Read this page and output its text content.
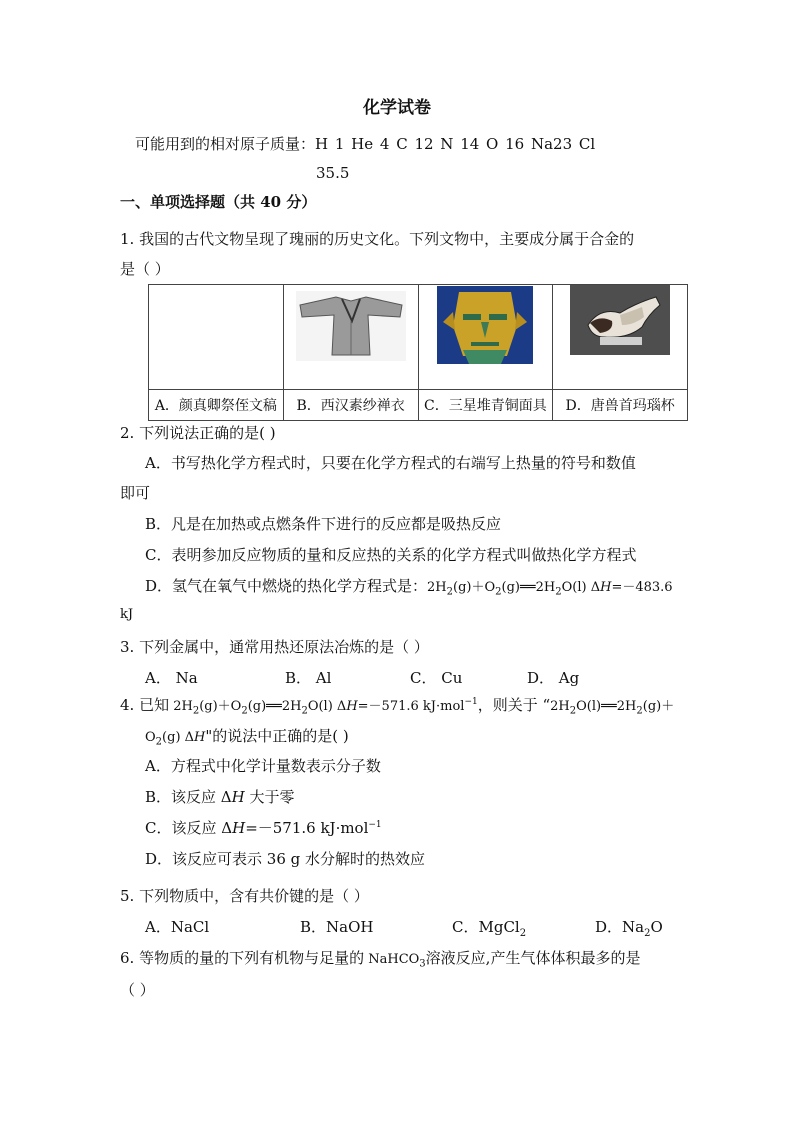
化学试卷
可能用到的相对原子质量：H 1 He 4 C 12 N 14 O 16 Na23 Cl
35.5
一、单项选择题（共 40 分）
1. 我国的古代文物呈现了瑰丽的历史文化。下列文物中，主要成分属于合金的
是（ ）

A．颜真卿祭侄文稿	B．西汉素纱禅衣	C．三星堆青铜面具	D．唐兽首玛瑙杯
2. 下列说法正确的是( )
A．书写热化学方程式时，只要在化学方程式的右端写上热量的符号和数值
即可
B．凡是在加热或点燃条件下进行的反应都是吸热反应
C．表明参加反应物质的量和反应热的关系的化学方程式叫做热化学方程式
D．氢气在氧气中燃烧的热化学方程式是：$2H_2(g)+O_2(g)══2H_2O(l)$ ΔH=－483.6
kJ
3. 下列金属中，通常用热还原法冶炼的是（ ）
A． Na	B． Al	C． Cu	D． Ag
4. 已知 $2H_2(g)+O_2(g)══2H_2O(l)$ ΔH=－571.6 kJ·mol$^{-1}$，则关于 “$2H_2O(l)══2H_2(g)+$
$O_2(g)$ ΔH"的说法中正确的是( )
A．方程式中化学计量数表示分子数
B．该反应 ΔH 大于零
C．该反应 ΔH=－571.6 kJ·mol$^{-1}$
D．该反应可表示 36 g 水分解时的热效应
5. 下列物质中，含有共价键的是（ ）
A．NaCl	B．NaOH	C．MgCl$_2$	D．$Na_2O$
6. 等物质的量的下列有机物与足量的 NaHCO$_3$溶液反应,产生气体体积最多的是
（ ）
